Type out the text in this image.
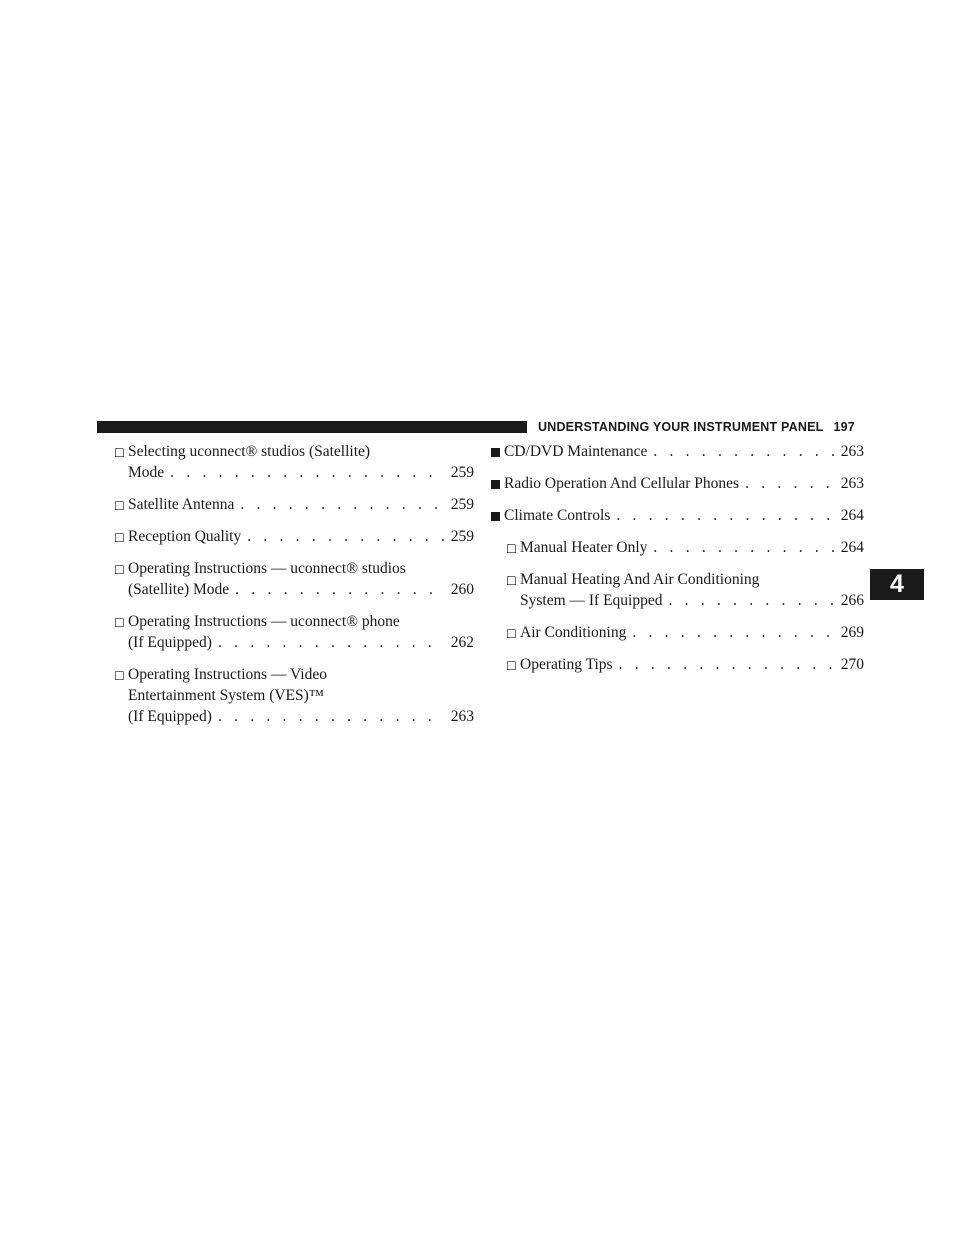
UNDERSTANDING YOUR INSTRUMENT PANEL 197
4
☐ Selecting uconnect® studios (Satellite)
Mode . . .	259
☐ Satellite Antenna . . .	259
☐ Reception Quality . . .	259
☐ Operating Instructions — uconnect® studios
(Satellite) Mode . . .	260
☐ Operating Instructions — uconnect® phone
(If Equipped) . . .	262
☐ Operating Instructions — Video
Entertainment System (VES)™
(If Equipped) . . .	263
CD/DVD Maintenance . . .	263
Radio Operation And Cellular Phones . . .	263
Climate Controls . . .	264
☐ Manual Heater Only . . .	264
☐ Manual Heating And Air Conditioning
System — If Equipped . . .	266
☐ Air Conditioning . . .	269
☐ Operating Tips . . .	270
